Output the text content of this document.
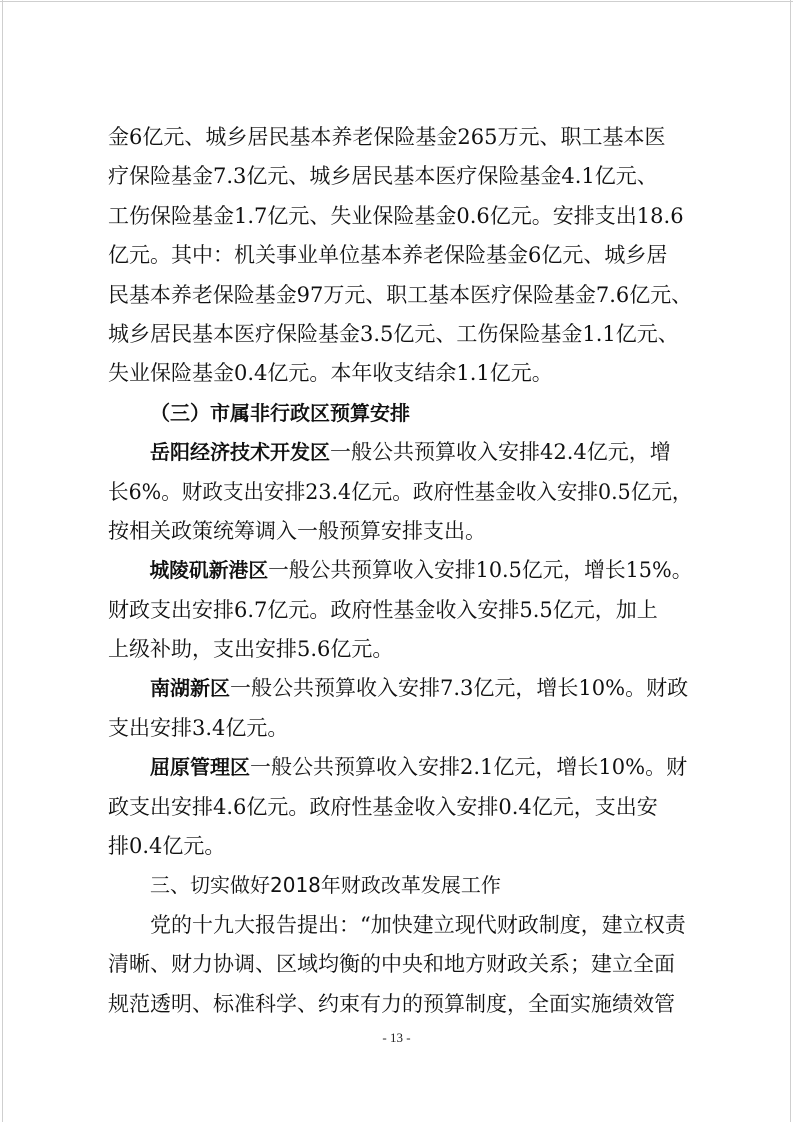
金6亿元、城乡居民基本养老保险基金265万元、职工基本医
疗保险基金7.3亿元、城乡居民基本医疗保险基金4.1亿元、
工伤保险基金1.7亿元、失业保险基金0.6亿元。安排支出18.6
亿元。其中：机关事业单位基本养老保险基金6亿元、城乡居
民基本养老保险基金97万元、职工基本医疗保险基金7.6亿元、
城乡居民基本医疗保险基金3.5亿元、工伤保险基金1.1亿元、
失业保险基金0.4亿元。本年收支结余1.1亿元。
（三）市属非行政区预算安排
岳阳经济技术开发区一般公共预算收入安排42.4亿元，增
长6%。财政支出安排23.4亿元。政府性基金收入安排0.5亿元，
按相关政策统筹调入一般预算安排支出。
城陵矶新港区一般公共预算收入安排10.5亿元，增长15%。
财政支出安排6.7亿元。政府性基金收入安排5.5亿元，加上
上级补助，支出安排5.6亿元。
南湖新区一般公共预算收入安排7.3亿元，增长10%。财政
支出安排3.4亿元。
屈原管理区一般公共预算收入安排2.1亿元，增长10%。财
政支出安排4.6亿元。政府性基金收入安排0.4亿元，支出安
排0.4亿元。
三、切实做好2018年财政改革发展工作
党的十九大报告提出：“加快建立现代财政制度，建立权责
清晰、财力协调、区域均衡的中央和地方财政关系；建立全面
规范透明、标准科学、约束有力的预算制度，全面实施绩效管
- 13 -
